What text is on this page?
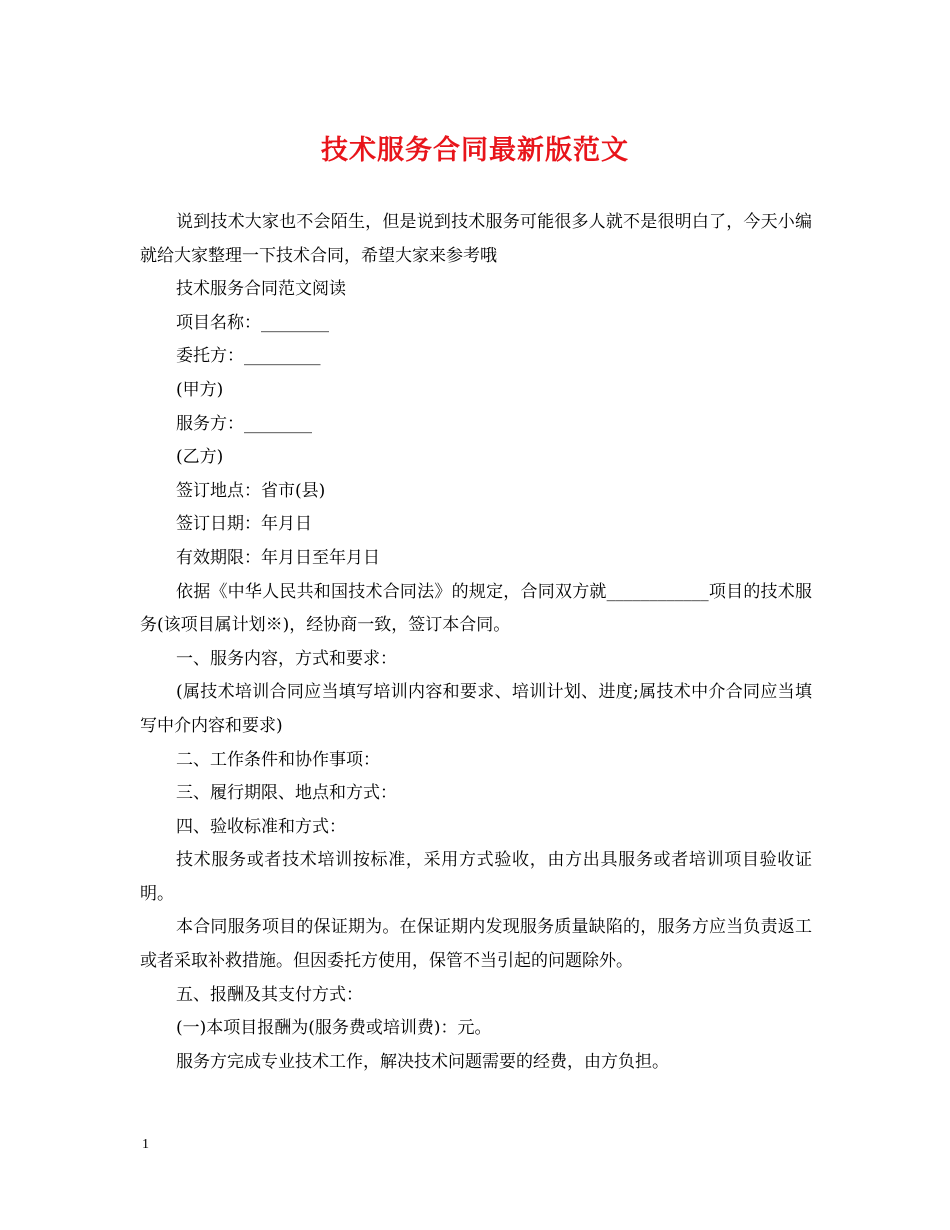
技术服务合同最新版范文

说到技术大家也不会陌生，但是说到技术服务可能很多人就不是很明白了，今天小编就给大家整理一下技术合同，希望大家来参考哦

技术服务合同范文阅读

项目名称：________

委托方：_________

(甲方)

服务方：________

(乙方)

签订地点：省市(县)

签订日期：年月日

有效期限：年月日至年月日

依据《中华人民共和国技术合同法》的规定，合同双方就____________项目的技术服务(该项目属计划※)，经协商一致，签订本合同。

一、服务内容，方式和要求：

(属技术培训合同应当填写培训内容和要求、培训计划、进度;属技术中介合同应当填写中介内容和要求)

二、工作条件和协作事项：

三、履行期限、地点和方式：

四、验收标准和方式：

技术服务或者技术培训按标准，采用方式验收，由方出具服务或者培训项目验收证明。

本合同服务项目的保证期为。在保证期内发现服务质量缺陷的，服务方应当负责返工或者采取补救措施。但因委托方使用，保管不当引起的问题除外。

五、报酬及其支付方式：

(一)本项目报酬为(服务费或培训费)：元。

服务方完成专业技术工作，解决技术问题需要的经费，由方负担。

1
